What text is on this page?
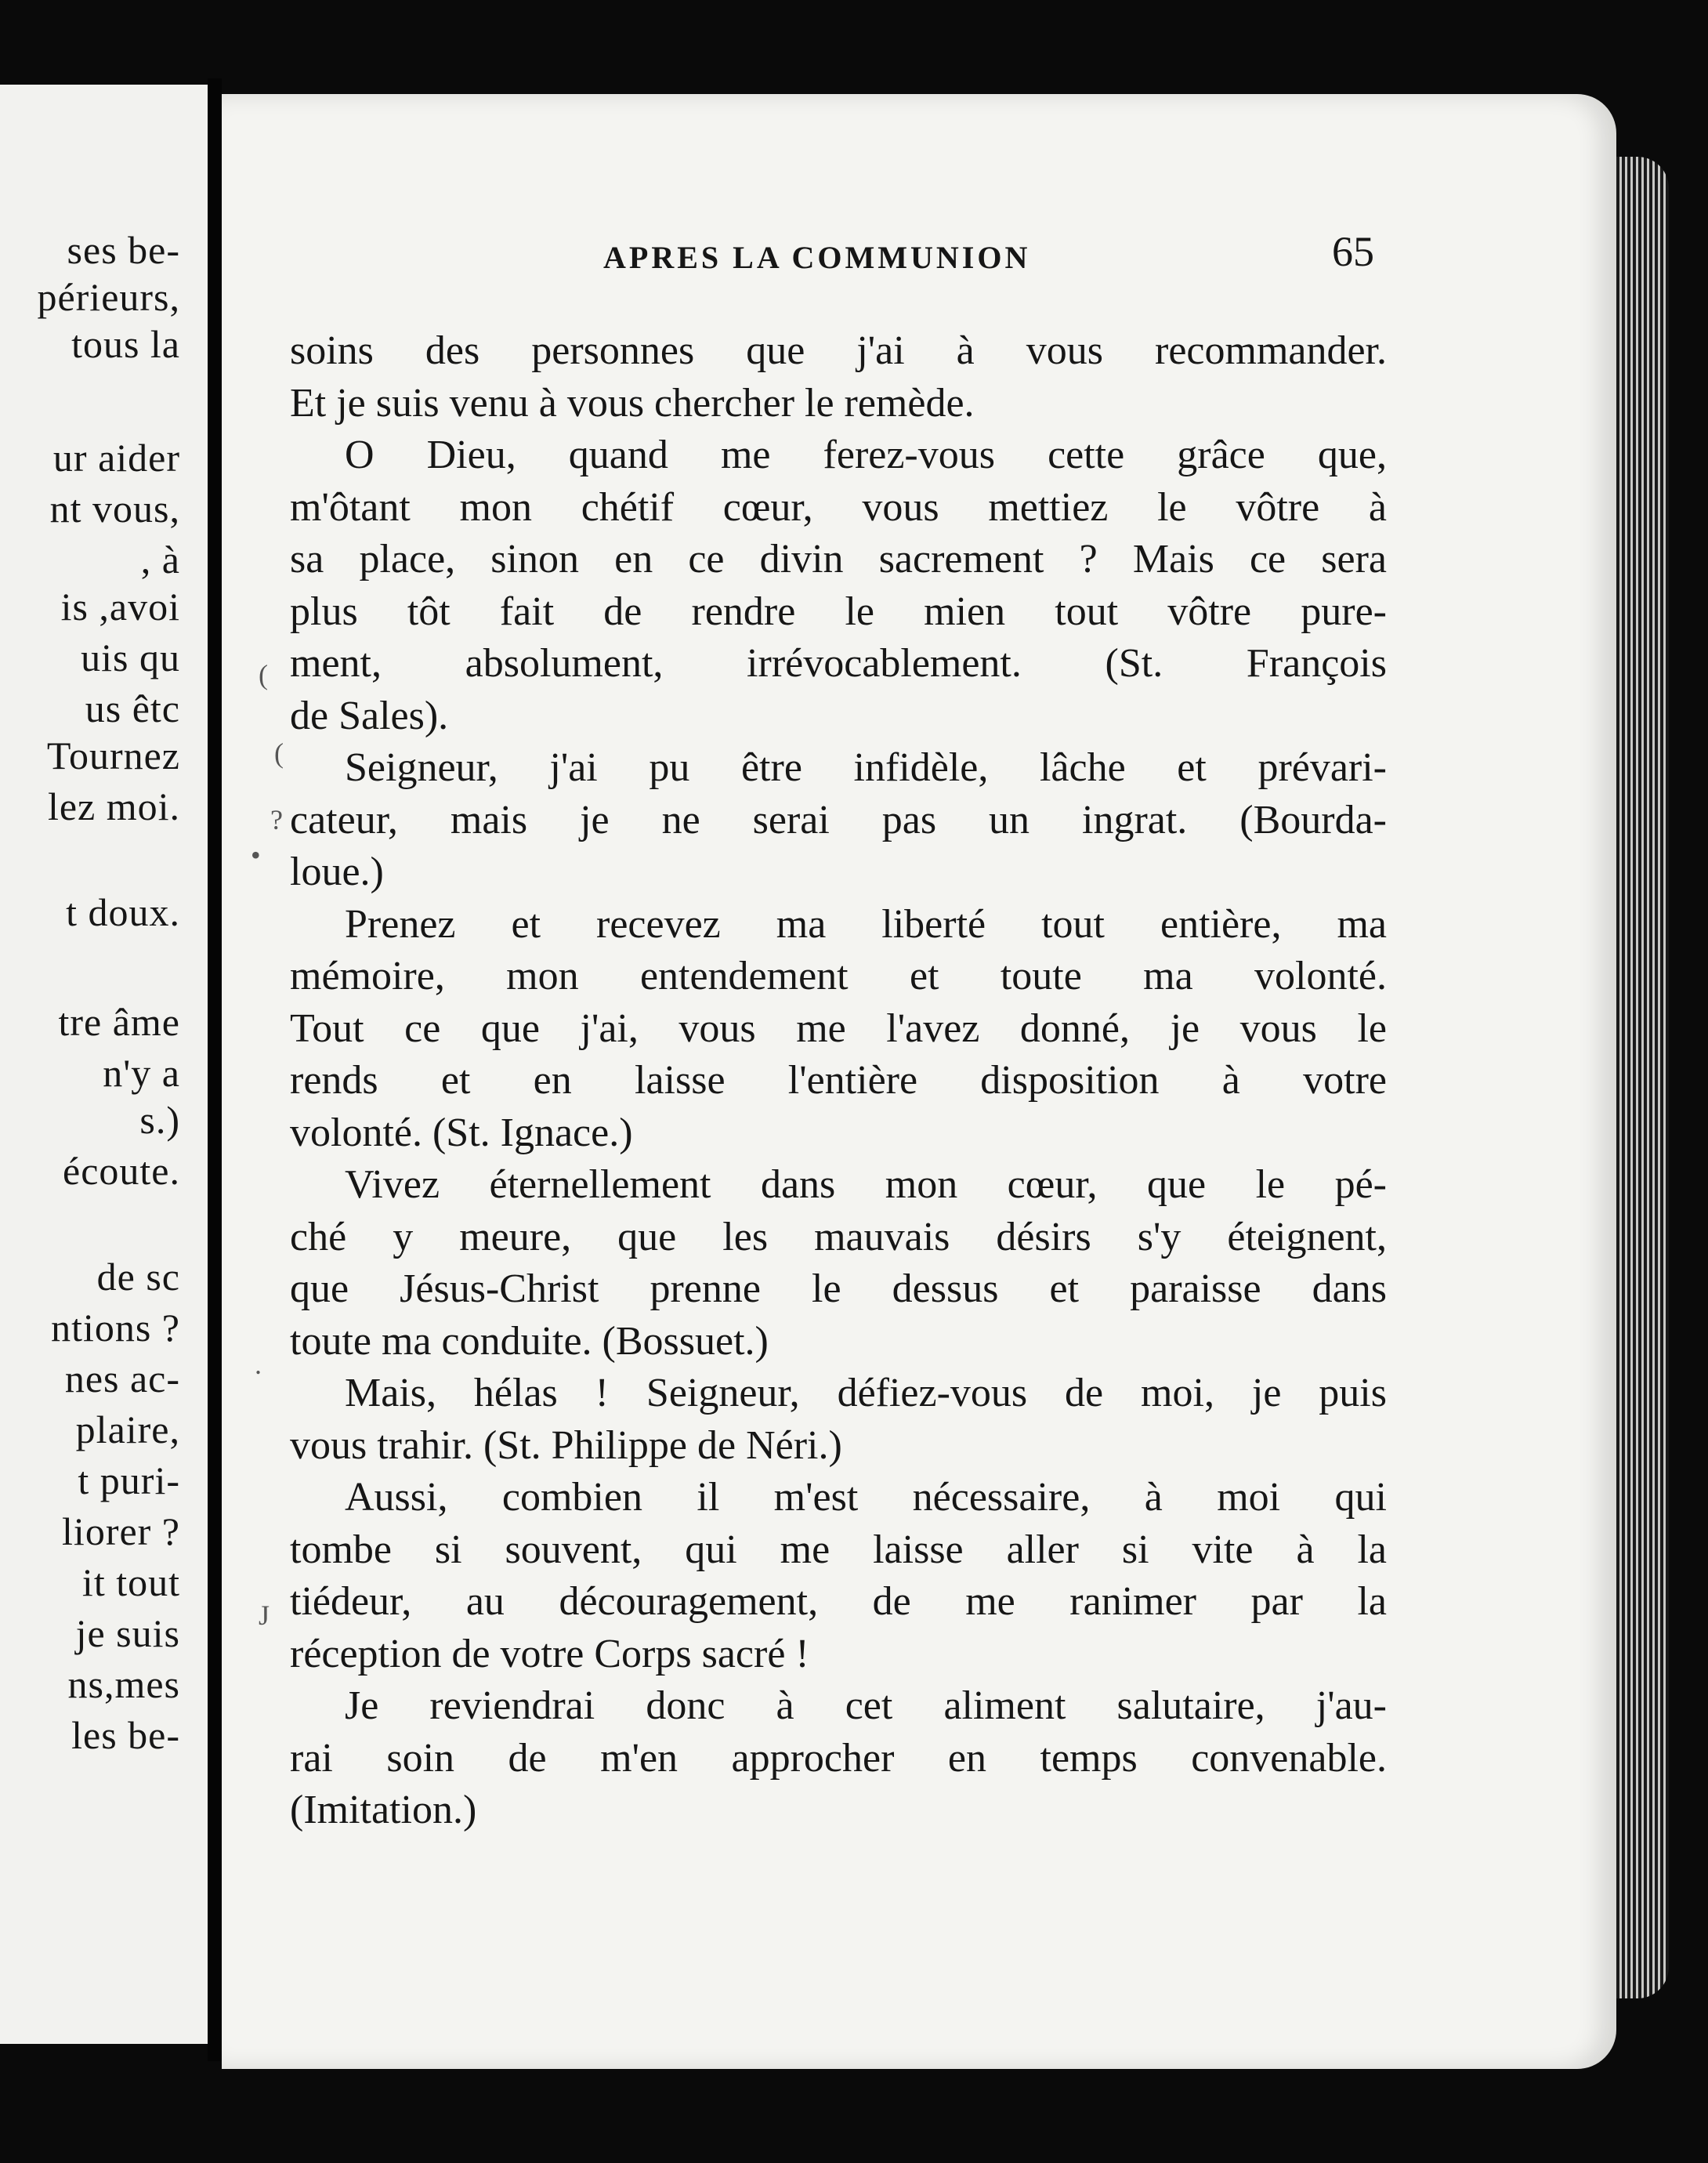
ses be-
périeurs,
tous la
ur aider
nt vous,
, à
is ,avoi
uis qu
us êtc
Tournez
lez moi.
t doux.
tre âme
n'y a
s.)
écoute.
de sc
ntions ?
nes ac-
plaire,
t puri-
liorer ?
it tout
je suis
ns,mes
les be-
(
(
?
•
.
J
APRES LA COMMUNION	65
soins des personnes que j'ai à vous recommander.
Et je suis venu à vous chercher le remède.
O Dieu, quand me ferez-vous cette grâce que,
m'ôtant mon chétif cœur, vous mettiez le vôtre à
sa place, sinon en ce divin sacrement ? Mais ce sera
plus tôt fait de rendre le mien tout vôtre pure-
ment, absolument, irrévocablement. (St. François
de Sales).
Seigneur, j'ai pu être infidèle, lâche et prévari-
cateur, mais je ne serai pas un ingrat. (Bourda-
loue.)
Prenez et recevez ma liberté tout entière, ma
mémoire, mon entendement et toute ma volonté.
Tout ce que j'ai, vous me l'avez donné, je vous le
rends et en laisse l'entière disposition à votre
volonté. (St. Ignace.)
Vivez éternellement dans mon cœur, que le pé-
ché y meure, que les mauvais désirs s'y éteignent,
que Jésus-Christ prenne le dessus et paraisse dans
toute ma conduite. (Bossuet.)
Mais, hélas ! Seigneur, défiez-vous de moi, je puis
vous trahir. (St. Philippe de Néri.)
Aussi, combien il m'est nécessaire, à moi qui
tombe si souvent, qui me laisse aller si vite à la
tiédeur, au découragement, de me ranimer par la
réception de votre Corps sacré !
Je reviendrai donc à cet aliment salutaire, j'au-
rai soin de m'en approcher en temps convenable.
(Imitation.)
